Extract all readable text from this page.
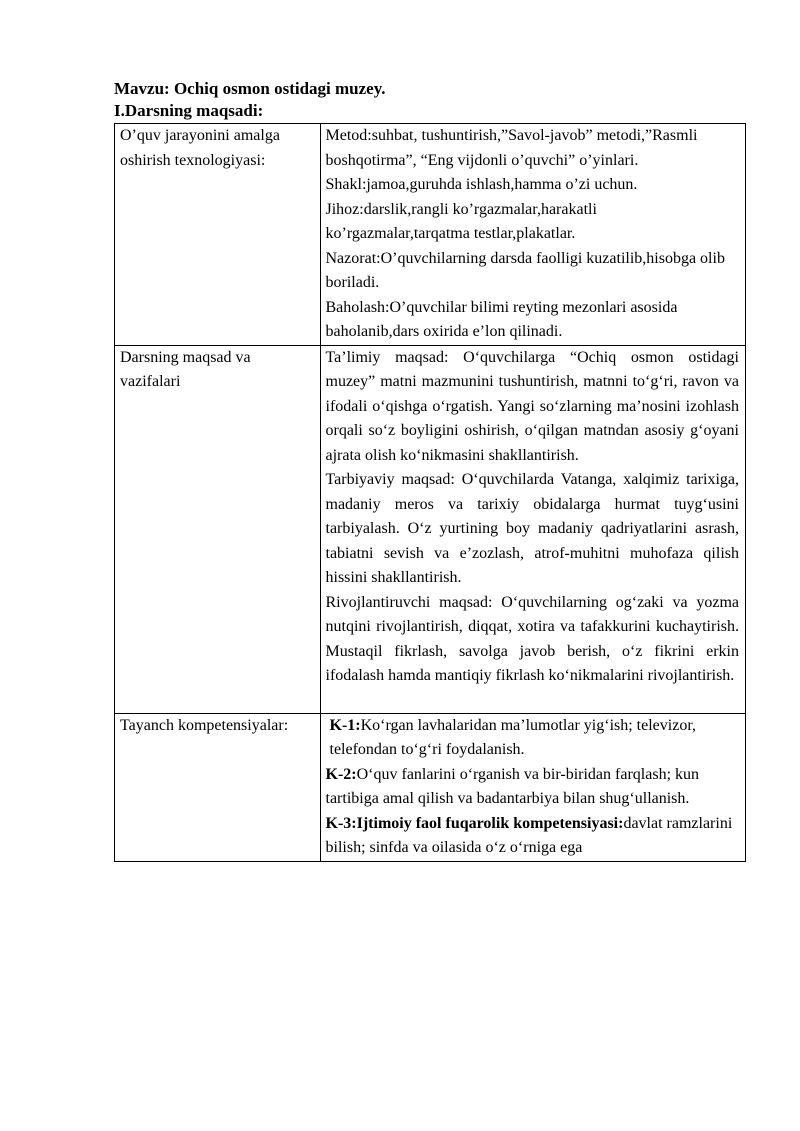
Mavzu: Ochiq osmon ostidagi muzey.

I.Darsning maqsadi:

O’quv jarayonini amalga oshirish texnologiyasi:	Metod:suhbat, tushuntirish,”Savol-javob” metodi,”Rasmli boshqotirma”, “Eng vijdonli o’quvchi” o’yinlari.

Shakl:jamoa,guruhda ishlash,hamma o’zi uchun.

Jihoz:darslik,rangli ko’rgazmalar,harakatli ko’rgazmalar,tarqatma testlar,plakatlar.

Nazorat:O’quvchilarning darsda faolligi kuzatilib,hisobga olib boriladi.

Baholash:O’quvchilar bilimi reyting mezonlari asosida baholanib,dars oxirida e’lon qilinadi.

Darsning maqsad va vazifalari	Ta’limiy maqsad: O‘quvchilarga “Ochiq osmon ostidagi muzey” matni mazmunini tushuntirish, matnni to‘g‘ri, ravon va ifodali o‘qishga o‘rgatish. Yangi so‘zlarning ma’nosini izohlash orqali so‘z boyligini oshirish, o‘qilgan matndan asosiy g‘oyani ajrata olish ko‘nikmasini shakllantirish.

Tarbiyaviy maqsad: O‘quvchilarda Vatanga, xalqimiz tarixiga, madaniy meros va tarixiy obidalarga hurmat tuyg‘usini tarbiyalash. O‘z yurtining boy madaniy qadriyatlarini asrash, tabiatni sevish va e’zozlash, atrof-muhitni muhofaza qilish hissini shakllantirish.

Rivojlantiruvchi maqsad: O‘quvchilarning og‘zaki va yozma nutqini rivojlantirish, diqqat, xotira va tafakkurini kuchaytirish. Mustaqil fikrlash, savolga javob berish, o‘z fikrini erkin ifodalash hamda mantiqiy fikrlash ko‘nikmalarini rivojlantirish.

Tayanch kompetensiyalar:	K-1:Ko‘rgan lavhalaridan ma’lumotlar yig‘ish; televizor, telefondan to‘g‘ri foydalanish.

K-2:O‘quv fanlarini o‘rganish va bir-biridan farqlash; kun tartibiga amal qilish va badantarbiya bilan shug‘ullanish.

K-3:Ijtimoiy faol fuqarolik kompetensiyasi:davlat ramzlarini bilish; sinfda va oilasida o‘z o‘rniga ega
